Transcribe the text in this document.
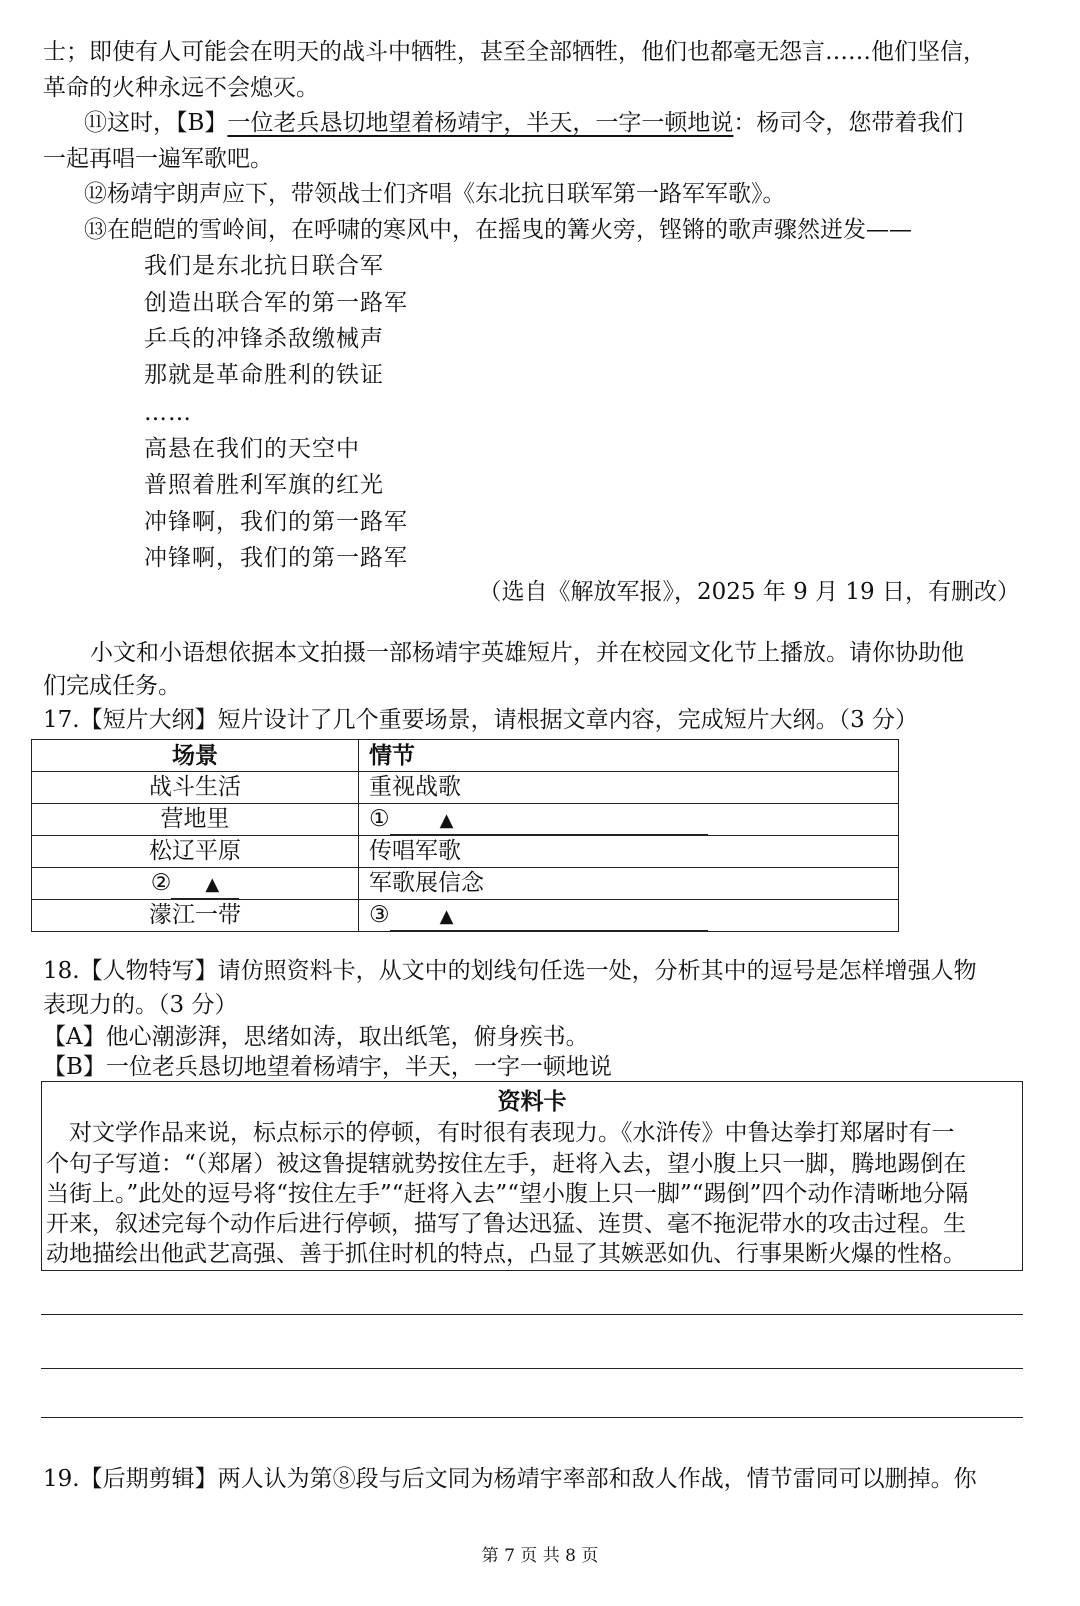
士；即使有人可能会在明天的战斗中牺牲，甚至全部牺牲，他们也都毫无怨言……他们坚信，
革命的火种永远不会熄灭。
⑪这时，【B】一位老兵恳切地望着杨靖宇，半天，一字一顿地说：杨司令，您带着我们
一起再唱一遍军歌吧。
⑫杨靖宇朗声应下，带领战士们齐唱《东北抗日联军第一路军军歌》。
⑬在皑皑的雪岭间，在呼啸的寒风中，在摇曳的篝火旁，铿锵的歌声骤然迸发——
我们是东北抗日联合军
创造出联合军的第一路军
乒乓的冲锋杀敌缴械声
那就是革命胜利的铁证
……
高悬在我们的天空中
普照着胜利军旗的红光
冲锋啊，我们的第一路军
冲锋啊，我们的第一路军
（选自《解放军报》，2025 年 9 月 19 日，有删改）
小文和小语想依据本文拍摄一部杨靖宇英雄短片，并在校园文化节上播放。请你协助他
们完成任务。
17.【短片大纲】短片设计了几个重要场景，请根据文章内容，完成短片大纲。（3 分）
场景	情节
战斗生活	重视战歌
营地里	① ▲
松辽平原	传唱军歌
② ▲	军歌展信念
濛江一带	③ ▲
18.【人物特写】请仿照资料卡，从文中的划线句任选一处，分析其中的逗号是怎样增强人物
表现力的。（3 分）
【A】他心潮澎湃，思绪如涛，取出纸笔，俯身疾书。
【B】一位老兵恳切地望着杨靖宇，半天，一字一顿地说
资料卡
　对文学作品来说，标点标示的停顿，有时很有表现力。《水浒传》中鲁达拳打郑屠时有一
个句子写道：“（郑屠）被这鲁提辖就势按住左手，赶将入去，望小腹上只一脚，腾地踢倒在
当街上。”此处的逗号将“按住左手”“赶将入去”“望小腹上只一脚”“踢倒”四个动作清晰地分隔
开来，叙述完每个动作后进行停顿，描写了鲁达迅猛、连贯、毫不拖泥带水的攻击过程。生
动地描绘出他武艺高强、善于抓住时机的特点，凸显了其嫉恶如仇、行事果断火爆的性格。
19.【后期剪辑】两人认为第⑧段与后文同为杨靖宇率部和敌人作战，情节雷同可以删掉。你
第 7 页 共 8 页
